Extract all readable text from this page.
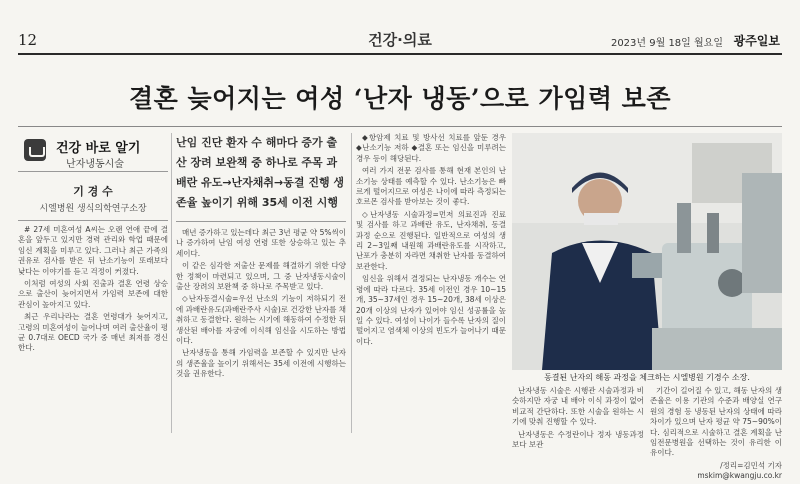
12	건강·의료	2023년 9월 18일 월요일 광주일보
결혼 늦어지는 여성 ‘난자 냉동’으로 가임력 보존
건강 바로 알기
난자냉동시술
기 경 수
시엘병원 생식의학연구소장

# 27세 미혼여성 A씨는 오랜 연애 끝에 결혼을 앞두고 있지만 경력 관리와 학업 때문에 임신 계획을 미루고 있다. 그러나 최근 가족의 권유로 검사를 받은 뒤 난소기능이 또래보다 낮다는 이야기를 듣고 걱정이 커졌다.

이처럼 여성의 사회 진출과 결혼 연령 상승으로 출산이 늦어지면서 가임력 보존에 대한 관심이 높아지고 있다.

최근 우리나라는 결혼 연령대가 늦어지고, 고령의 미혼여성이 늘어나며 여러 출산율이 평균 0.7대로 OECD 국가 중 매년 최저를 경신한다.

난임 진단 환자 수 해마다 증가 출산 장려 보완책 중 하나로 주목 과배란 유도→난자채취→동결 진행 생존율 높이기 위해 35세 이전 시행

매년 증가하고 있는데다 최근 3년 평균 약 5%씩이나 증가하여 난임 여성 연령 또한 상승하고 있는 추세이다.

이 같은 심각한 저출산 문제를 해결하기 위한 다양한 정책이 마련되고 있으며, 그 중 난자냉동시술이 출산 장려의 보완책 중 하나로 주목받고 있다.

◇난자동결시술=우선 난소의 기능이 저하되기 전에 과배란유도(과배란주사 시술)로 건강한 난자를 채취하고 동결한다. 원하는 시기에 해동하여 수정한 뒤 생산된 배아를 자궁에 이식해 임신을 시도하는 방법이다.

난자냉동을 통해 가임력을 보존할 수 있지만 난자의 생존율을 높이기 위해서는 35세 이전에 시행하는 것을 권유한다.

◆항암제 치료 및 방사선 치료를 앞둔 경우 ◆난소기능 저하 ◆결혼 또는 임신을 미루려는 경우 등이 해당된다.

여러 가지 전문 검사를 통해 현재 본인의 난소기능 상태를 예측할 수 있다. 난소기능은 빠르게 떨어지므로 여성은 나이에 따라 측정되는 호르몬 검사를 받아보는 것이 좋다.

◇난자냉동 시술과정=먼저 의료진과 진료 및 검사를 하고 과배란 유도, 난자채취, 동결 과정 순으로 진행된다. 일반적으로 여성의 생리 2~3일째 내원해 과배란유도를 시작하고, 난포가 충분히 자라면 채취한 난자를 동결하여 보관한다.

임신을 위해서 결정되는 난자냉동 개수는 연령에 따라 다르다. 35세 이전인 경우 10~15개, 35~37세인 경우 15~20개, 38세 이상은 20개 이상의 난자가 있어야 임신 성공률을 높일 수 있다. 여성이 나이가 들수록 난자의 질이 떨어지고 염색체 이상의 빈도가 늘어나기 때문이다.

동결된 난자의 해동 과정을 체크하는 시엘병원 기경수 소장.

난자냉동 시술은 시행관 시술과정과 비슷하지만 자궁 내 배아 이식 과정이 없어 비교적 간단하다. 또한 시술을 원하는 시기에 맞춰 진행할 수 있다.

난자냉동은 수정란이나 정자 냉동과정보다 보관

기간이 길어질 수 있고, 해동 난자의 생존율은 이용 기관의 수준과 배양실 연구원의 경험 등 냉동된 난자의 상태에 따라 차이가 있으며 난자 평균 약 75~90%이다. 심리적으로 시술하고 결혼 계획을 난임전문병원을 선택하는 것이 유리한 이유이다.

/정리=김민석 기자 mskim@kwangju.co.kr
